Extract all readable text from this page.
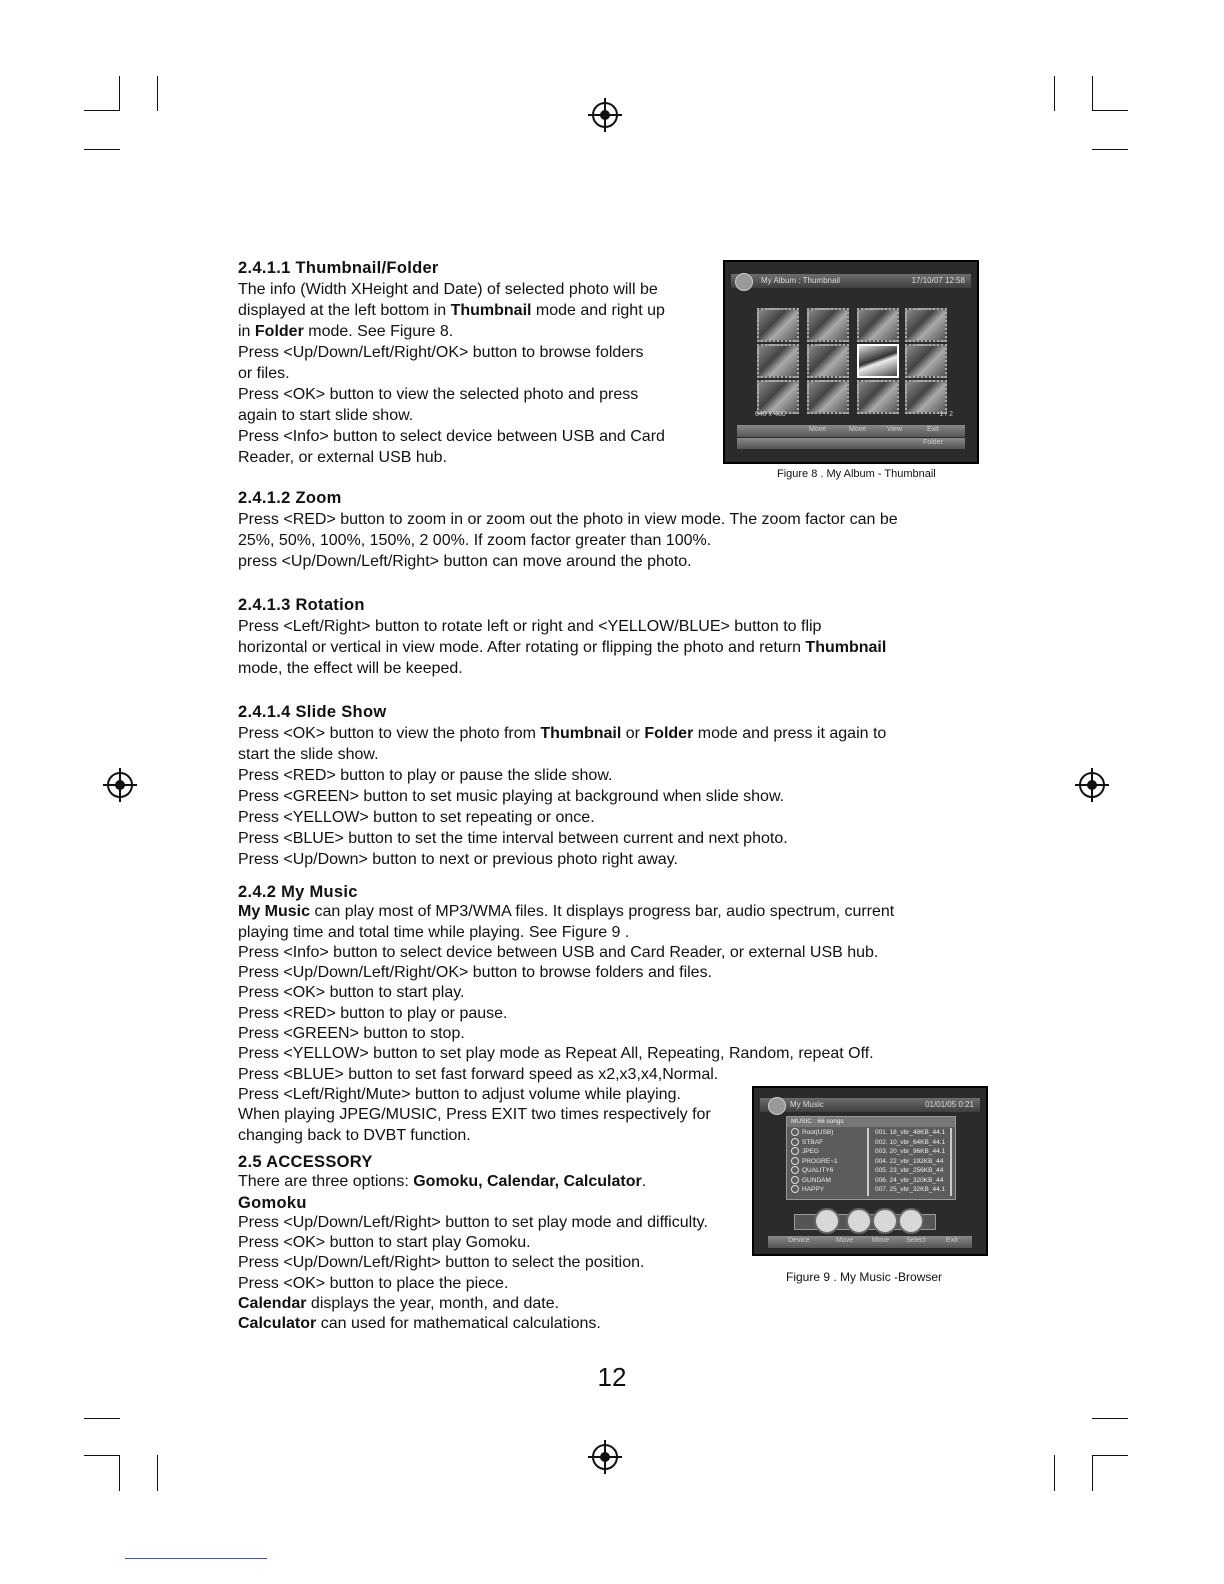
2.4.1.1 Thumbnail/Folder
The info (Width XHeight and Date) of selected photo will be
displayed at the left bottom in Thumbnail mode and right up
in Folder mode. See Figure 8.
Press <Up/Down/Left/Right/OK> button to browse folders
or files.
Press <OK> button to view the selected photo and press
again to start slide show.
Press <Info> button to select device between USB and Card
Reader, or external USB hub.
My Album : Thumbnail	17/10/07 12:58
640 x 480	1 / 2
Move	Move	View	Exit
Folder
Figure 8 . My Album - Thumbnail
2.4.1.2 Zoom
Press <RED> button to zoom in or zoom out the photo in view mode. The zoom factor can be
25%, 50%, 100%, 150%, 2 00%. If zoom factor greater than 100%.
press <Up/Down/Left/Right> button can move around the photo.
2.4.1.3 Rotation
Press <Left/Right> button to rotate left or right and <YELLOW/BLUE> button to flip
horizontal or vertical in view mode. After rotating or flipping the photo and return Thumbnail
mode, the effect will be keeped.
2.4.1.4 Slide Show
Press <OK> button to view the photo from Thumbnail or Folder mode and press it again to
start the slide show.
Press <RED> button to play or pause the slide show.
Press <GREEN> button to set music playing at background when slide show.
Press <YELLOW> button to set repeating or once.
Press <BLUE> button to set the time interval between current and next photo.
Press <Up/Down> button to next or previous photo right away.
2.4.2 My Music
My Music can play most of MP3/WMA files. It displays progress bar, audio spectrum, current
playing time and total time while playing. See Figure 9 .
Press <Info> button to select device between USB and Card Reader, or external USB hub.
Press <Up/Down/Left/Right/OK> button to browse folders and files.
Press <OK> button to start play.
Press <RED> button to play or pause.
Press <GREEN> button to stop.
Press <YELLOW> button to set play mode as Repeat All, Repeating, Random, repeat Off.
Press <BLUE> button to set fast forward speed as x2,x3,x4,Normal.
Press <Left/Right/Mute> button to adjust volume while playing.
When playing JPEG/MUSIC, Press EXIT two times respectively for
changing back to DVBT function.
2.5 ACCESSORY
There are three options: Gomoku, Calendar, Calculator.
Gomoku
Press <Up/Down/Left/Right> button to set play mode and difficulty.
Press <OK> button to start play Gomoku.
Press <Up/Down/Left/Right> button to select the position.
Press <OK> button to place the piece.
Calendar displays the year, month, and date.
Calculator can used for mathematical calculations.
My Music	01/01/05 0:21
MUSIC : 66 songs
Root(USB)
STBAF
JPEG
PROGRE~1
QUALITY6
GUNDAM
HAPPY
001. 18_vbr_48KB_44.1
002. 10_vbr_64KB_44.1
003. 20_vbr_96KB_44.1
004. 22_vbr_192KB_44
005. 23_vbr_256KB_44
006. 24_vbr_320KB_44
007. 25_vbr_32KB_44.1
Device	Move	Move Select	Exit
Figure 9 . My Music -Browser
12
